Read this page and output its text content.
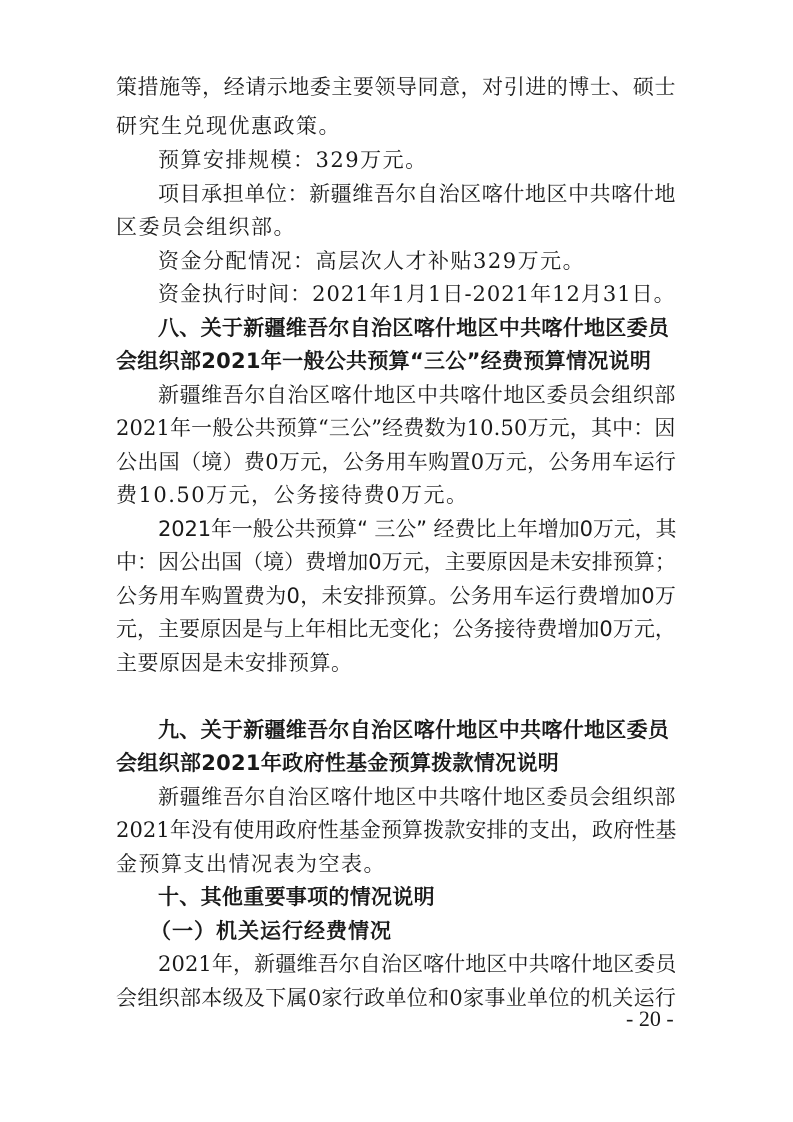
策措施等，经请示地委主要领导同意，对引进的博士、硕士
研究生兑现优惠政策。
预算安排规模：329万元。
项目承担单位：新疆维吾尔自治区喀什地区中共喀什地
区委员会组织部。
资金分配情况：高层次人才补贴329万元。
资金执行时间：2021年1月1日-2021年12月31日。
八、关于新疆维吾尔自治区喀什地区中共喀什地区委员
会组织部2021年一般公共预算“三公”经费预算情况说明
新疆维吾尔自治区喀什地区中共喀什地区委员会组织部
2021年一般公共预算“三公”经费数为10.50万元，其中：因
公出国（境）费0万元，公务用车购置0万元，公务用车运行
费10.50万元，公务接待费0万元。
2021年一般公共预算“ 三公” 经费比上年增加0万元，其
中：因公出国（境）费增加0万元，主要原因是未安排预算；
公务用车购置费为0，未安排预算。公务用车运行费增加0万
元，主要原因是与上年相比无变化；公务接待费增加0万元，
主要原因是未安排预算。
九、关于新疆维吾尔自治区喀什地区中共喀什地区委员
会组织部2021年政府性基金预算拨款情况说明
新疆维吾尔自治区喀什地区中共喀什地区委员会组织部
2021年没有使用政府性基金预算拨款安排的支出，政府性基
金预算支出情况表为空表。
十、其他重要事项的情况说明
（一）机关运行经费情况
2021年，新疆维吾尔自治区喀什地区中共喀什地区委员
会组织部本级及下属0家行政单位和0家事业单位的机关运行
- 20 -
